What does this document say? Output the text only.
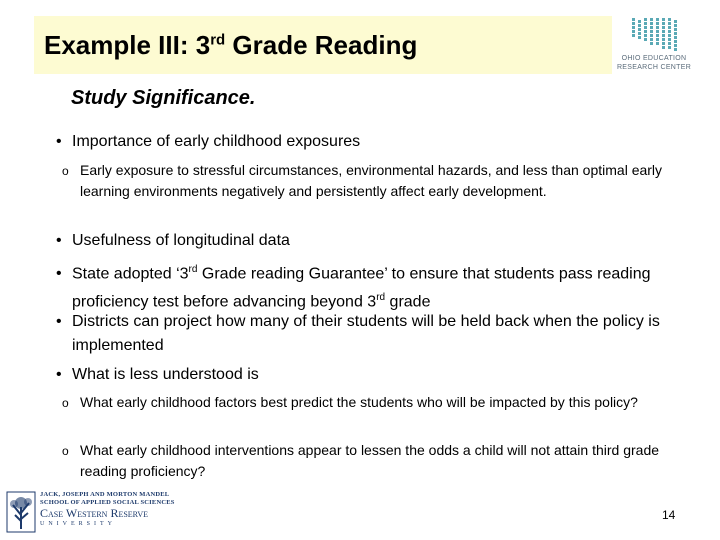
Example III: 3rd Grade Reading	OHIO EDUCATION
RESEARCH CENTER
Study Significance.
• Importance of early childhood exposures
o Early exposure to stressful circumstances, environmental hazards, and less than optimal early learning environments negatively and persistently affect early development.
• Usefulness of longitudinal data
• State adopted ‘3rd Grade reading Guarantee’ to ensure that students pass reading proficiency test before advancing beyond 3rd grade
• Districts can project how many of their students will be held back when the policy is implemented
• What is less understood is
o What early childhood factors best predict the students who will be impacted by this policy?
o What early childhood interventions appear to lessen the odds a child will not attain third grade reading proficiency?
JACK, JOSEPH AND MORTON MANDEL
SCHOOL OF APPLIED SOCIAL SCIENCES
Case Western Reserve
UNIVERSITY
14
